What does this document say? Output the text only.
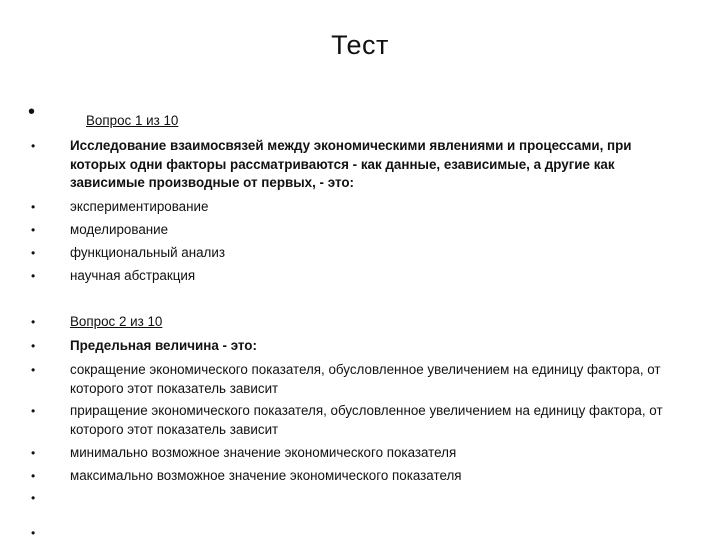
Тест
•	Вопрос 1 из 10
•	Исследование взаимосвязей между экономическими явлениями и процессами, при которых одни факторы рассматриваются - как данные, езависимые, а другие как зависимые производные от первых, - это:
•	экспериментирование
•	моделирование
•	функциональный анализ
•	научная абстракция
•	Вопрос 2 из 10
•	Предельная величина - это:
•	сокращение экономического показателя, обусловленное увеличением на единицу фактора, от которого этот показатель зависит
•	приращение экономического показателя, обусловленное увеличением на единицу фактора, от которого этот показатель зависит
•	минимально возможное значение экономического показателя
•	максимально возможное значение экономического показателя
•
•
